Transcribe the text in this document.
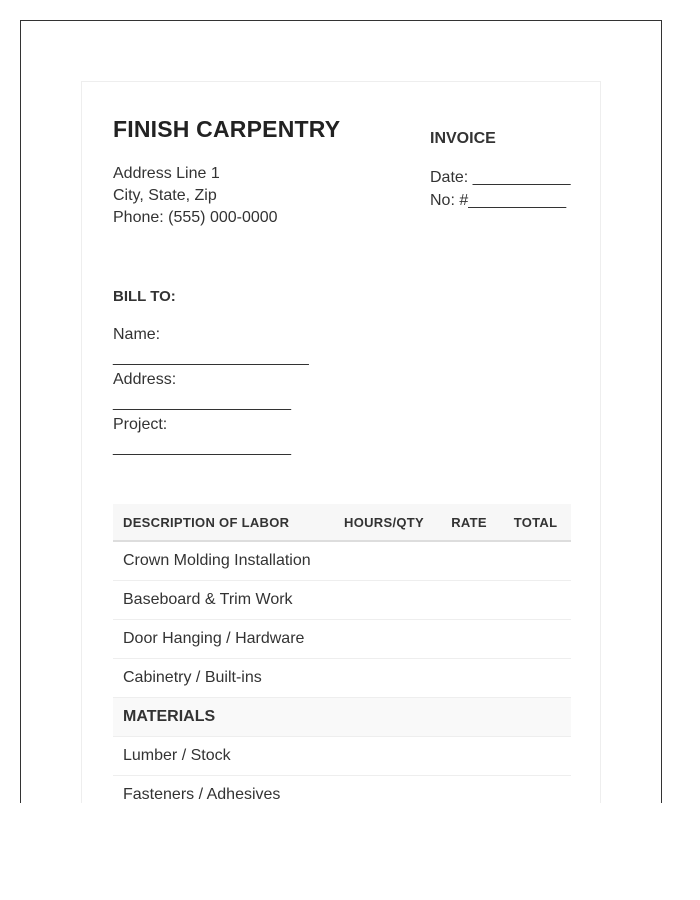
FINISH CARPENTRY
Address Line 1
City, State, Zip
Phone: (555) 000-0000
INVOICE
Date: ___________
No: #___________
BILL TO:
Name:
______________________
Address:
____________________
Project:
____________________
DESCRIPTION OF LABOR	HOURS/QTY	RATE	TOTAL
Crown Molding Installation			
Baseboard & Trim Work			
Door Hanging / Hardware			
Cabinetry / Built-ins			
MATERIALS			
Lumber / Stock			
Fasteners / Adhesives			
